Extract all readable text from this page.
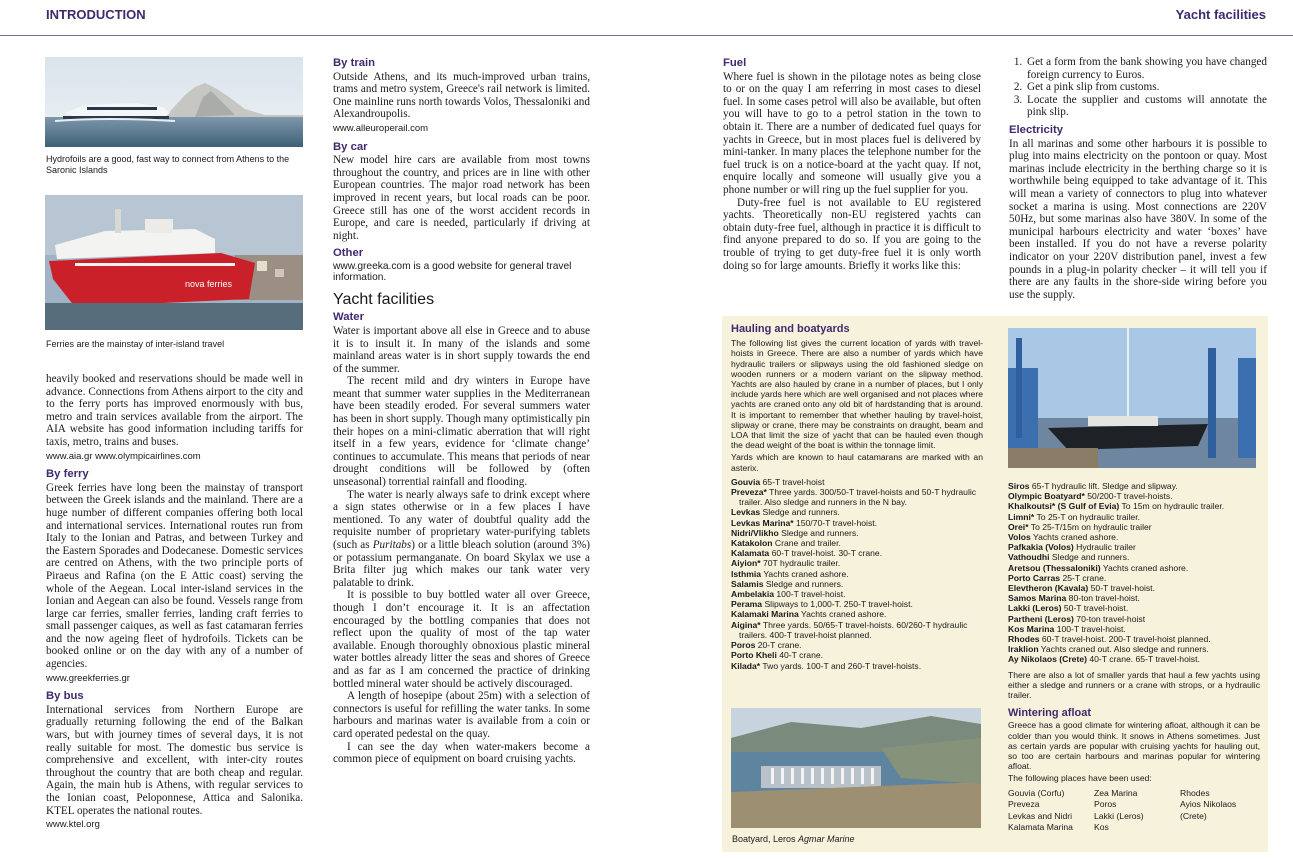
INTRODUCTION	Yacht facilities
Hydrofoils are a good, fast way to connect from Athens to the Saronic Islands
nova ferries
Ferries are the mainstay of inter-island travel

heavily booked and reservations should be made well in advance. Connections from Athens airport to the city and to the ferry ports has improved enormously with bus, metro and train services available from the airport. The AIA website has good information including tariffs for taxis, metro, trains and buses.

www.aia.gr www.olympicairlines.com
By ferry

Greek ferries have long been the mainstay of transport between the Greek islands and the mainland. There are a huge number of different companies offering both local and international services. International routes run from Italy to the Ionian and Patras, and between Turkey and the Eastern Sporades and Dodecanese. Domestic services are centred on Athens, with the two principle ports of Piraeus and Rafina (on the E Attic coast) serving the whole of the Aegean. Local inter-island services in the Ionian and Aegean can also be found. Vessels range from large car ferries, smaller ferries, landing craft ferries to small passenger caiques, as well as fast catamaran ferries and the now ageing fleet of hydrofoils. Tickets can be booked online or on the day with any of a number of agencies.

www.greekferries.gr
By bus

International services from Northern Europe are gradually returning following the end of the Balkan wars, but with journey times of several days, it is not really suitable for most. The domestic bus service is comprehensive and excellent, with inter-city routes throughout the country that are both cheap and regular. Again, the main hub is Athens, with regular services to the Ionian coast, Peloponnese, Attica and Salonika. KTEL operates the national routes.

www.ktel.org
By train

Outside Athens, and its much-improved urban trains, trams and metro system, Greece's rail network is limited. One mainline runs north towards Volos, Thessaloniki and Alexandroupolis.

www.alleuroperail.com
By car

New model hire cars are available from most towns throughout the country, and prices are in line with other European countries. The major road network has been improved in recent years, but local roads can be poor. Greece still has one of the worst accident records in Europe, and care is needed, particularly if driving at night.

Other

www.greeka.com is a good website for general travel information.

Yacht facilities
Water

Water is important above all else in Greece and to abuse it is to insult it. In many of the islands and some mainland areas water is in short supply towards the end of the summer.

The recent mild and dry winters in Europe have meant that summer water supplies in the Mediterranean have been steadily eroded. For several summers water has been in short supply. Though many optimistically pin their hopes on a mini-climatic aberration that will right itself in a few years, evidence for ‘climate change’ continues to accumulate. This means that periods of near drought conditions will be followed by (often unseasonal) torrential rainfall and flooding.

The water is nearly always safe to drink except where a sign states otherwise or in a few places I have mentioned. To any water of doubtful quality add the requisite number of proprietary water-purifying tablets (such as Puritabs) or a little bleach solution (around 3%) or potassium permanganate. On board Skylax we use a Brita filter jug which makes our tank water very palatable to drink.

It is possible to buy bottled water all over Greece, though I don’t encourage it. It is an affectation encouraged by the bottling companies that does not reflect upon the quality of most of the tap water available. Enough thoroughly obnoxious plastic mineral water bottles already litter the seas and shores of Greece and as far as I am concerned the practice of drinking bottled mineral water should be actively discouraged.

A length of hosepipe (about 25m) with a selection of connectors is useful for refilling the water tanks. In some harbours and marinas water is available from a coin or card operated pedestal on the quay.

I can see the day when water-makers become a common piece of equipment on board cruising yachts.

Fuel

Where fuel is shown in the pilotage notes as being close to or on the quay I am referring in most cases to diesel fuel. In some cases petrol will also be available, but often you will have to go to a petrol station in the town to obtain it. There are a number of dedicated fuel quays for yachts in Greece, but in most places fuel is delivered by mini-tanker. In many places the telephone number for the fuel truck is on a notice-board at the yacht quay. If not, enquire locally and someone will usually give you a phone number or will ring up the fuel supplier for you.

Duty-free fuel is not available to EU registered yachts. Theoretically non-EU registered yachts can obtain duty-free fuel, although in practice it is difficult to find anyone prepared to do so. If you are going to the trouble of trying to get duty-free fuel it is only worth doing so for large amounts. Briefly it works like this:

1. Get a form from the bank showing you have changed foreign currency to Euros.
2. Get a pink slip from customs.
3. Locate the supplier and customs will annotate the pink slip.
Electricity

In all marinas and some other harbours it is possible to plug into mains electricity on the pontoon or quay. Most marinas include electricity in the berthing charge so it is worthwhile being equipped to take advantage of it. This will mean a variety of connectors to plug into whatever socket a marina is using. Most connections are 220V 50Hz, but some marinas also have 380V. In some of the municipal harbours electricity and water ‘boxes’ have been installed. If you do not have a reverse polarity indicator on your 220V distribution panel, invest a few pounds in a plug-in polarity checker – it will tell you if there are any faults in the shore-side wiring before you use the supply.

Hauling and boatyards

The following list gives the current location of yards with travel-hoists in Greece. There are also a number of yards which have hydraulic trailers or slipways using the old fashioned sledge on wooden runners or a modern variant on the slipway method. Yachts are also hauled by crane in a number of places, but I only include yards here which are well organised and not places where yachts are craned onto any old bit of hardstanding that is around. It is important to remember that whether hauling by travel-hoist, slipway or crane, there may be constraints on draught, beam and LOA that limit the size of yacht that can be hauled even though the dead weight of the boat is within the tonnage limit.

Yards which are known to haul catamarans are marked with an asterix.

Gouvia 65-T travel-hoist
Preveza* Three yards. 300/50-T travel-hoists and 50-T hydraulic trailer. Also sledge and runners in the N bay.
Levkas Sledge and runners.
Levkas Marina* 150/70-T travel-hoist.
Nidri/Vlikho Sledge and runners.
Katakolon Crane and trailer.
Kalamata 60-T travel-hoist. 30-T crane.
Aiyion* 70T hydraulic trailer.
Isthmia Yachts craned ashore.
Salamis Sledge and runners.
Ambelakia 100-T travel-hoist.
Perama Slipways to 1,000-T. 250-T travel-hoist.
Kalamaki Marina Yachts craned ashore.
Aigina* Three yards. 50/65-T travel-hoists. 60/260-T hydraulic trailers. 400-T travel-hoist planned.
Poros 20-T crane.
Porto Kheli 40-T crane.
Kilada* Two yards. 100-T and 260-T travel-hoists.
Siros 65-T hydraulic lift. Sledge and slipway.
Olympic Boatyard* 50/200-T travel-hoists.
Khalkoutsi* (S Gulf of Evia) To 15m on hydraulic trailer.
Limni* To 25-T on hydraulic trailer.
Orei* To 25-T/15m on hydraulic trailer
Volos Yachts craned ashore.
Pafkakia (Volos) Hydraulic trailer
Vathoudhi Sledge and runners.
Aretsou (Thessaloniki) Yachts craned ashore.
Porto Carras 25-T crane.
Elevtheron (Kavala) 50-T travel-hoist.
Samos Marina 80-ton travel-hoist.
Lakki (Leros) 50-T travel-hoist.
Partheni (Leros) 70-ton travel-hoist
Kos Marina 100-T travel-hoist.
Rhodes 60-T travel-hoist. 200-T travel-hoist planned.
Iraklion Yachts craned out. Also sledge and runners.
Ay Nikolaos (Crete) 40-T crane. 65-T travel-hoist.

There are also a lot of smaller yards that haul a few yachts using either a sledge and runners or a crane with strops, or a hydraulic trailer.

Wintering afloat

Greece has a good climate for wintering afloat, although it can be colder than you would think. It snows in Athens sometimes. Just as certain yards are popular with cruising yachts for hauling out, so too are certain harbours and marinas popular for wintering afloat.

The following places have been used:

Gouvia (Corfu)	Zea Marina	Rhodes
Preveza	Poros	Ayios Nikolaos
Levkas and Nidri	Lakki (Leros)	(Crete)
Kalamata Marina	Kos
Boatyard, Leros Agmar Marine
